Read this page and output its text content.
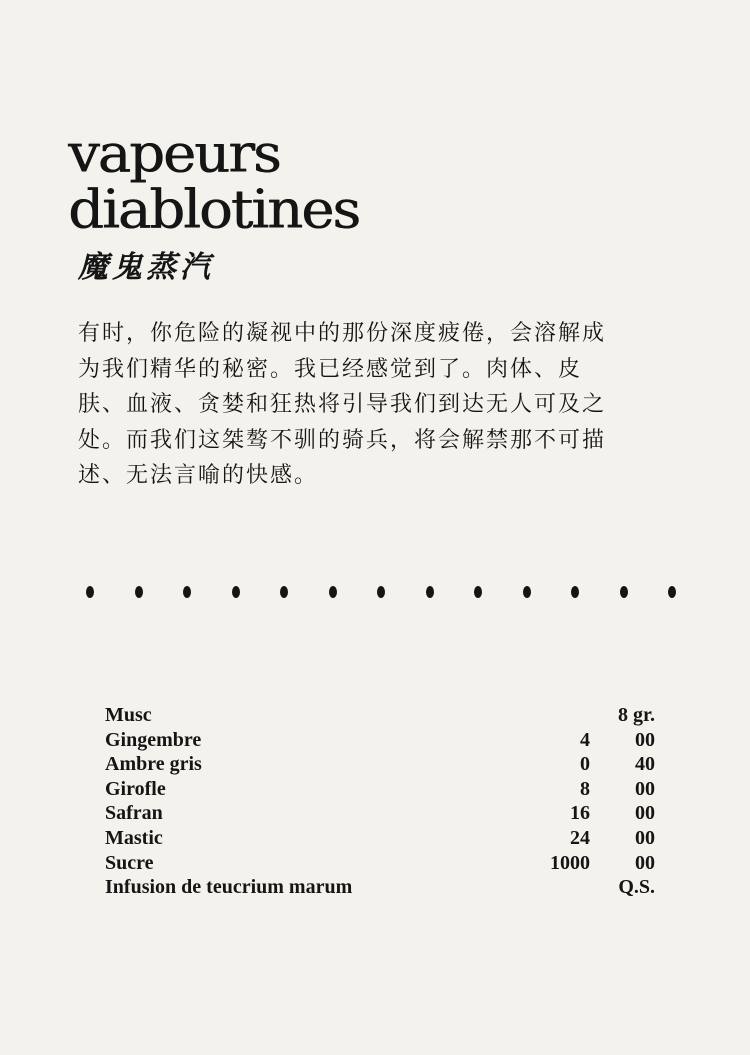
vapeurs
diablotines
魔鬼蒸汽
有时，你危险的凝视中的那份深度疲倦，会溶解成
为我们精华的秘密。我已经感觉到了。肉体、皮
肤、血液、贪婪和狂热将引导我们到达无人可及之
处。而我们这桀骜不驯的骑兵，将会解禁那不可描
述、无法言喻的快感。
Musc	8 gr.
Gingembre	4 00
Ambre gris	0 40
Girofle	8 00
Safran	16 00
Mastic	24 00
Sucre	1000 00
Infusion de teucrium marum	Q.S.
